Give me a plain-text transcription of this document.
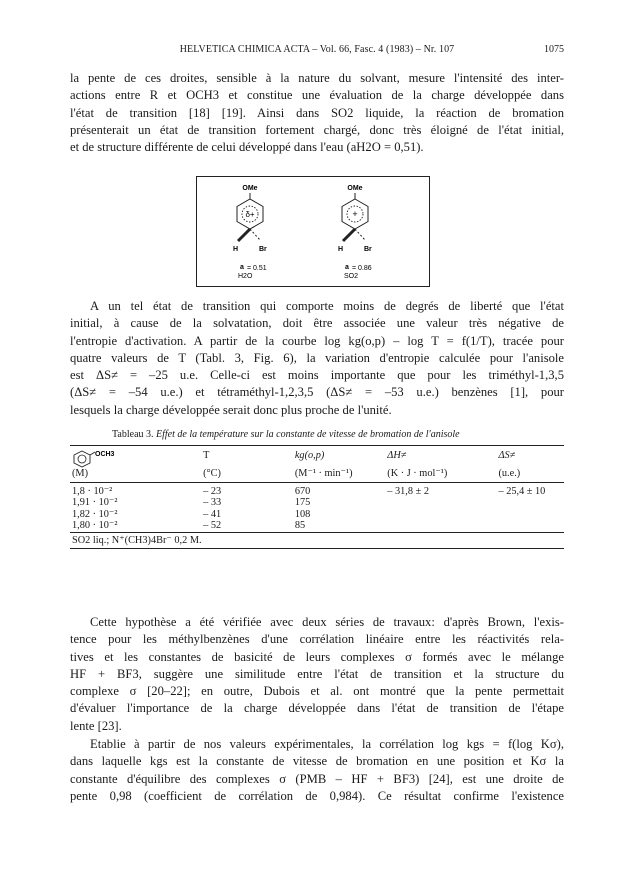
HELVETICA CHIMICA ACTA – Vol. 66, Fasc. 4 (1983) – Nr. 107	1075
la pente de ces droites, sensible à la nature du solvant, mesure l'intensité des inter-
actions entre R et OCH3 et constitue une évaluation de la charge développée dans
l'état de transition [18] [19]. Ainsi dans SO2 liquide, la réaction de bromation
présenterait un état de transition fortement chargé, donc très éloigné de l'état initial,
et de structure différente de celui développé dans l'eau (aH2O = 0,51).
OMe
δ+
H	Br
a = 0.51
H2O
OMe
+
H	Br
a = 0.86
SO2
A un tel état de transition qui comporte moins de degrés de liberté que l'état
initial, à cause de la solvatation, doit être associée une valeur très négative de
l'entropie d'activation. A partir de la courbe log kg(o,p) – log T = f(1/T), tracée pour
quatre valeurs de T (Tabl. 3, Fig. 6), la variation d'entropie calculée pour l'anisole
est ΔS≠ = –25 u.e. Celle-ci est moins importante que pour les triméthyl-1,3,5
(ΔS≠ = –54 u.e.) et tétraméthyl-1,2,3,5 (ΔS≠ = –53 u.e.) benzènes [1], pour
lesquels la charge développée serait donc plus proche de l'unité.
Tableau 3. Effet de la température sur la constante de vitesse de bromation de l'anisole
OCH3	T	kg(o,p)	ΔH≠	ΔS≠
(M)	(°C)	(M⁻¹ · min⁻¹)	(K · J · mol⁻¹)	(u.e.)
1,8 · 10⁻²	– 23	670	– 31,8 ± 2	– 25,4 ± 10
1,91 · 10⁻²	– 33	175		
1,82 · 10⁻²	– 41	108		
1,80 · 10⁻²	– 52	85		
SO2 liq.; N⁺(CH3)4Br⁻ 0,2 M.				
Cette hypothèse a été vérifiée avec deux séries de travaux: d'après Brown, l'exis-
tence pour les méthylbenzènes d'une corrélation linéaire entre les réactivités rela-
tives et les constantes de basicité de leurs complexes σ formés avec le mélange
HF + BF3, suggère une similitude entre l'état de transition et la structure du
complexe σ [20–22]; en outre, Dubois et al. ont montré que la pente permettait
d'évaluer l'importance de la charge développée dans l'état de transition de l'étape
lente [23].
Etablie à partir de nos valeurs expérimentales, la corrélation log kgs = f(log Kσ),
dans laquelle kgs est la constante de vitesse de bromation en une position et Kσ la
constante d'équilibre des complexes σ (PMB – HF + BF3) [24], est une droite de
pente 0,98 (coefficient de corrélation de 0,984). Ce résultat confirme l'existence
